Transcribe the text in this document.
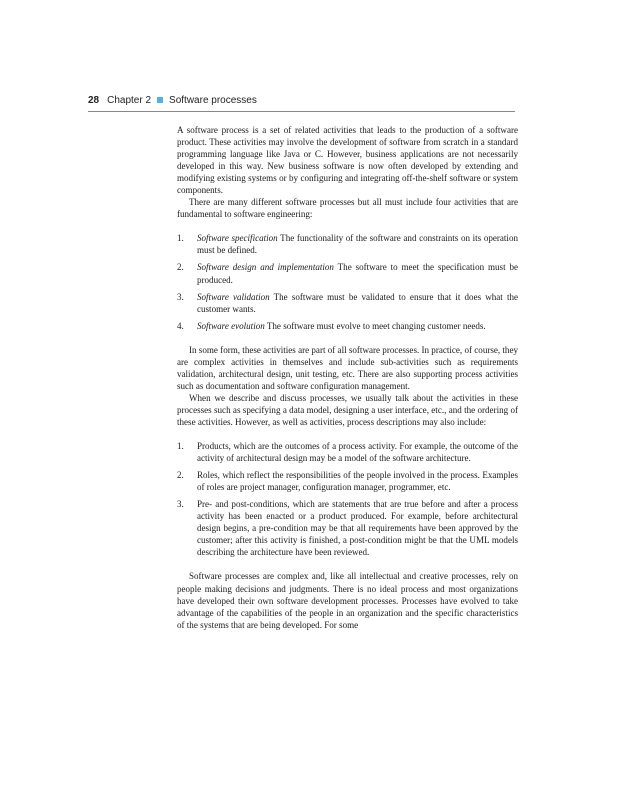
28 Chapter 2 Software processes

A software process is a set of related activities that leads to the production of a software product. These activities may involve the development of software from scratch in a standard programming language like Java or C. However, business applications are not necessarily developed in this way. New business software is now often developed by extending and modifying existing systems or by configuring and integrating off-the-shelf software or system components.

There are many different software processes but all must include four activities that are fundamental to software engineering:

1. Software specification The functionality of the software and constraints on its operation must be defined.
2. Software design and implementation The software to meet the specification must be produced.
3. Software validation The software must be validated to ensure that it does what the customer wants.
4. Software evolution The software must evolve to meet changing customer needs.

In some form, these activities are part of all software processes. In practice, of course, they are complex activities in themselves and include sub-activities such as requirements validation, architectural design, unit testing, etc. There are also supporting process activities such as documentation and software configuration management.

When we describe and discuss processes, we usually talk about the activities in these processes such as specifying a data model, designing a user interface, etc., and the ordering of these activities. However, as well as activities, process descriptions may also include:

1. Products, which are the outcomes of a process activity. For example, the outcome of the activity of architectural design may be a model of the software architecture.
2. Roles, which reflect the responsibilities of the people involved in the process. Examples of roles are project manager, configuration manager, programmer, etc.
3. Pre- and post-conditions, which are statements that are true before and after a process activity has been enacted or a product produced. For example, before architectural design begins, a pre-condition may be that all requirements have been approved by the customer; after this activity is finished, a post-condition might be that the UML models describing the architecture have been reviewed.

Software processes are complex and, like all intellectual and creative processes, rely on people making decisions and judgments. There is no ideal process and most organizations have developed their own software development processes. Processes have evolved to take advantage of the capabilities of the people in an organization and the specific characteristics of the systems that are being developed. For some
